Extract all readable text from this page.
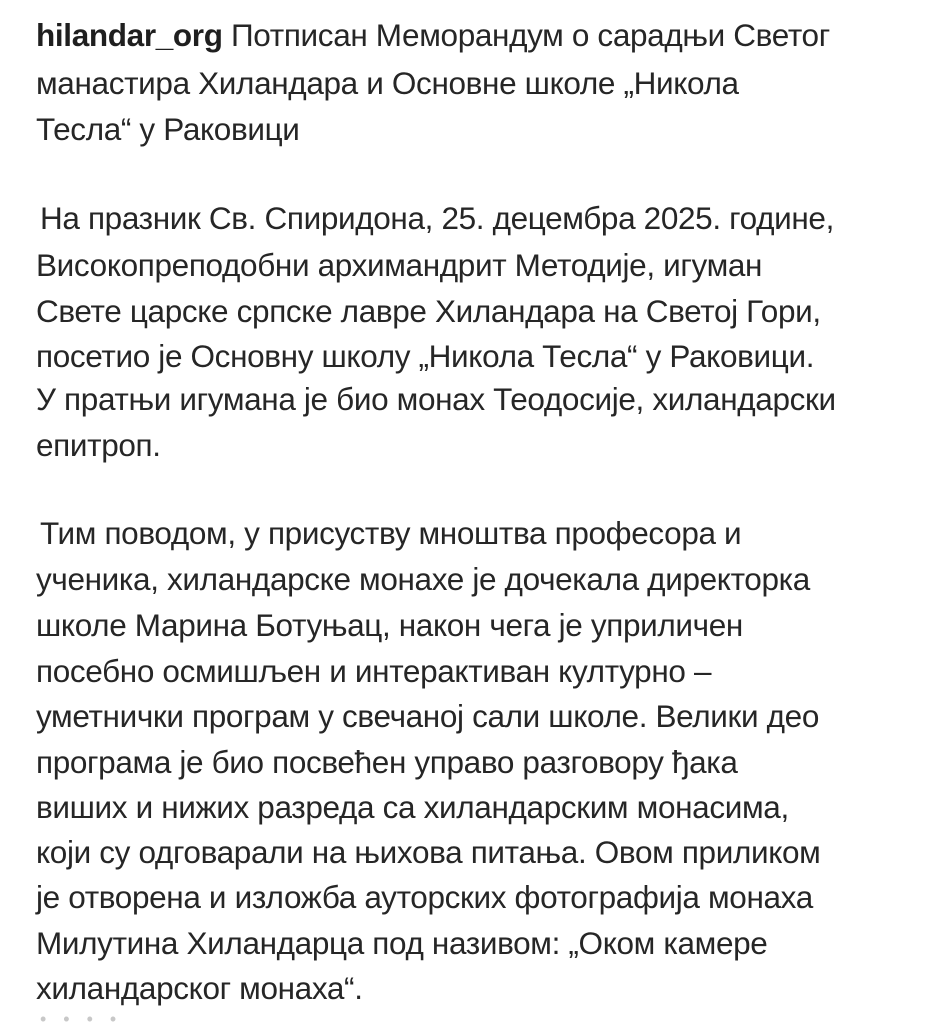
hilandar_org Потписан Меморандум о сарадњи Светог
манастира Хиландара и Основне школе „Никола
Тесла“ у Раковици
На празник Св. Спиридона, 25. децембра 2025. године,
Високопреподобни архимандрит Методије, игуман
Свете царске српске лавре Хиландара на Светој Гори,
посетио је Основну школу „Никола Тесла“ у Раковици.
У пратњи игумана је био монах Теодосије, хиландарски
епитроп.
Тим поводом, у присуству мноштва професора и
ученика, хиландарске монахе је дочекала директорка
школе Марина Ботуњац, након чега је уприличен
посебно осмишљен и интерактиван културно –
уметнички програм у свечаној сали школе. Велики део
програма је био посвећен управо разговору ђака
виших и нижих разреда са хиландарским монасима,
који су одговарали на њихова питања. Овом приликом
је отворена и изложба ауторских фотографија монаха
Милутина Хиландарца под називом: „Оком камере
хиландарског монаха“.
• • • •
